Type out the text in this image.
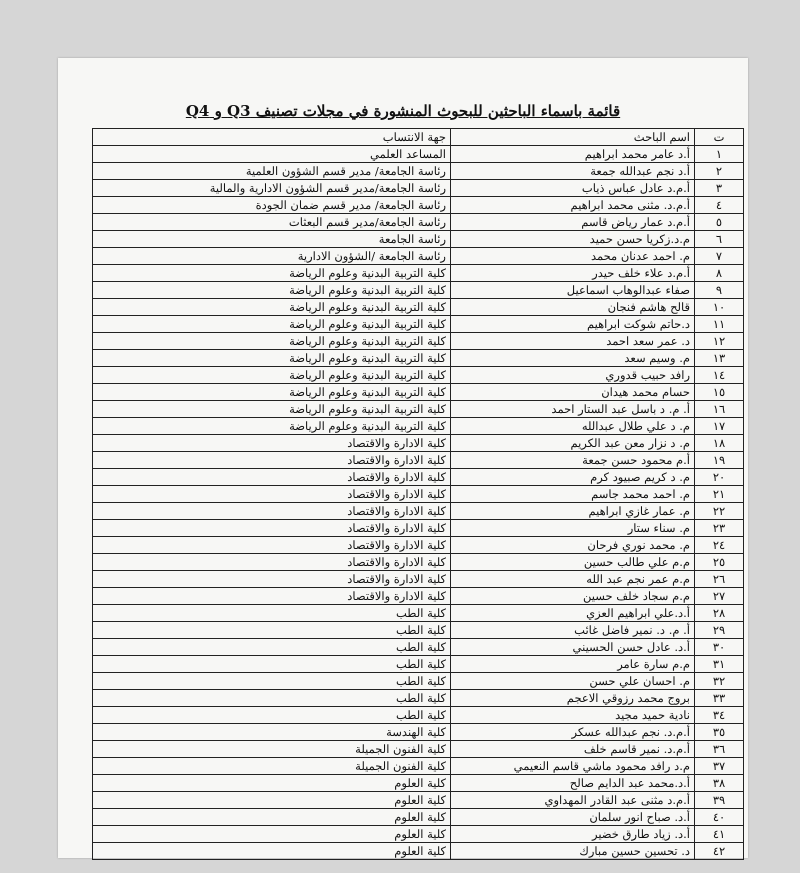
قائمة باسماء الباحثين للبحوث المنشورة في مجلات تصنيف Q3 و Q4
ت	اسم الباحث	جهة الانتساب

١	أ.د عامر محمد ابراهيم	المساعد العلمي
٢	أ.د نجم عبدالله جمعة	رئاسة الجامعة/ مدير قسم الشؤون العلمية
٣	أ.م.د عادل عباس ذياب	رئاسة الجامعة/مدير قسم الشؤون الادارية والمالية
٤	أ.م.د. مثنى محمد ابراهيم	رئاسة الجامعة/ مدير قسم ضمان الجودة
٥	أ.م.د عمار رياض قاسم	رئاسة الجامعة/مدير قسم البعثات
٦	م.د.زكريا حسن حميد	رئاسة الجامعة
٧	م. احمد عدنان محمد	رئاسة الجامعة /الشؤون الادارية
٨	أ.م.د علاء خلف حيدر	كلية التربية البدنية وعلوم الرياضة
٩	صفاء عبدالوهاب اسماعيل	كلية التربية البدنية وعلوم الرياضة
١٠	قالح هاشم فنجان	كلية التربية البدنية وعلوم الرياضة
١١	د.حاتم شوكت ابراهيم	كلية التربية البدنية وعلوم الرياضة
١٢	د. عمر سعد احمد	كلية التربية البدنية وعلوم الرياضة
١٣	م. وسيم سعد	كلية التربية البدنية وعلوم الرياضة
١٤	رافد حبيب قدوري	كلية التربية البدنية وعلوم الرياضة
١٥	حسام محمد هيدان	كلية التربية البدنية وعلوم الرياضة
١٦	أ. م. د باسل عبد الستار احمد	كلية التربية البدنية وعلوم الرياضة
١٧	م. د علي طلال عبدالله	كلية التربية البدنية وعلوم الرياضة
١٨	م. د نزار معن عبد الكريم	كلية الادارة والاقتصاد
١٩	أ.م محمود حسن جمعة	كلية الادارة والاقتصاد
٢٠	م. د كريم صبيود كرم	كلية الادارة والاقتصاد
٢١	م. احمد محمد جاسم	كلية الادارة والاقتصاد
٢٢	م. عمار غازي ابراهيم	كلية الادارة والاقتصاد
٢٣	م. سناء ستار	كلية الادارة والاقتصاد
٢٤	م. محمد نوري فرحان	كلية الادارة والاقتصاد
٢٥	م.م علي طالب حسين	كلية الادارة والاقتصاد
٢٦	م.م عمر نجم عبد الله	كلية الادارة والاقتصاد
٢٧	م.م سجاد خلف حسين	كلية الادارة والاقتصاد
٢٨	أ.د.علي ابراهيم العزي	كلية الطب
٢٩	أ. م. د. نمير فاضل غائب	كلية الطب
٣٠	أ.د. عادل حسن الحسيني	كلية الطب
٣١	م.م سارة عامر	كلية الطب
٣٢	م. احسان علي حسن	كلية الطب
٣٣	بروج محمد رزوقي الاعجم	كلية الطب
٣٤	نادية حميد مجيد	كلية الطب
٣٥	أ.م.د. نجم عبدالله عسكر	كلية الهندسة
٣٦	أ.م.د. نمير قاسم خلف	كلية الفنون الجميلة
٣٧	م.د رافد محمود ماشي قاسم النعيمي	كلية الفنون الجميلة
٣٨	أ.د.محمد عبد الدايم صالح	كلية العلوم
٣٩	أ.م.د مثنى عبد القادر المهداوي	كلية العلوم
٤٠	أ.د. صباح انور سلمان	كلية العلوم
٤١	أ.د. زياد طارق خضير	كلية العلوم
٤٢	د. تحسين حسين مبارك	كلية العلوم
